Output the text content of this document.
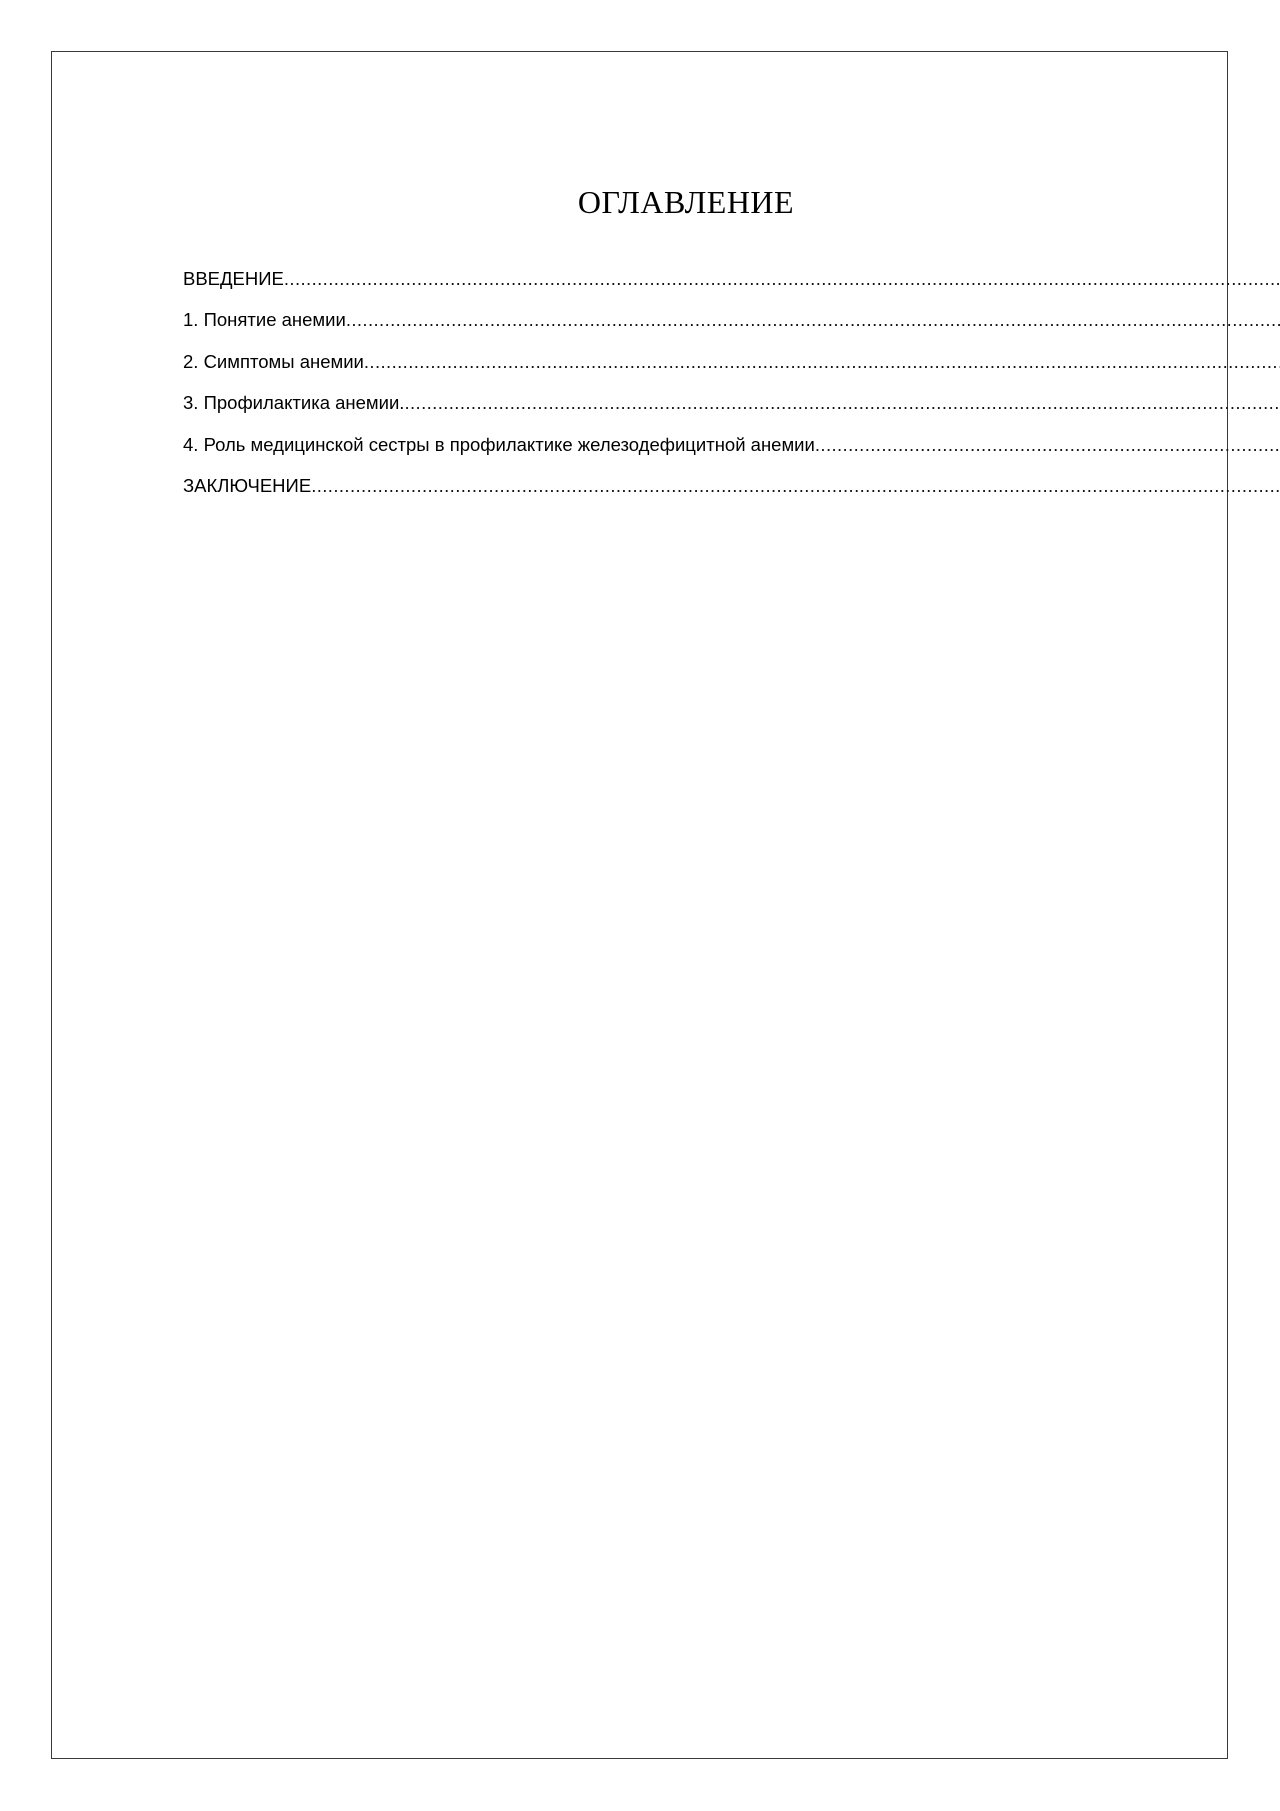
ОГЛАВЛЕНИЕ
ВВЕДЕНИЕ
.....
1. Понятие анемии
.....
2. Симптомы анемии
.....
3. Профилактика анемии.
.....
4. Роль медицинской сестры в профилактике железодефицитной анемии
.....
ЗАКЛЮЧЕНИЕ
.....
